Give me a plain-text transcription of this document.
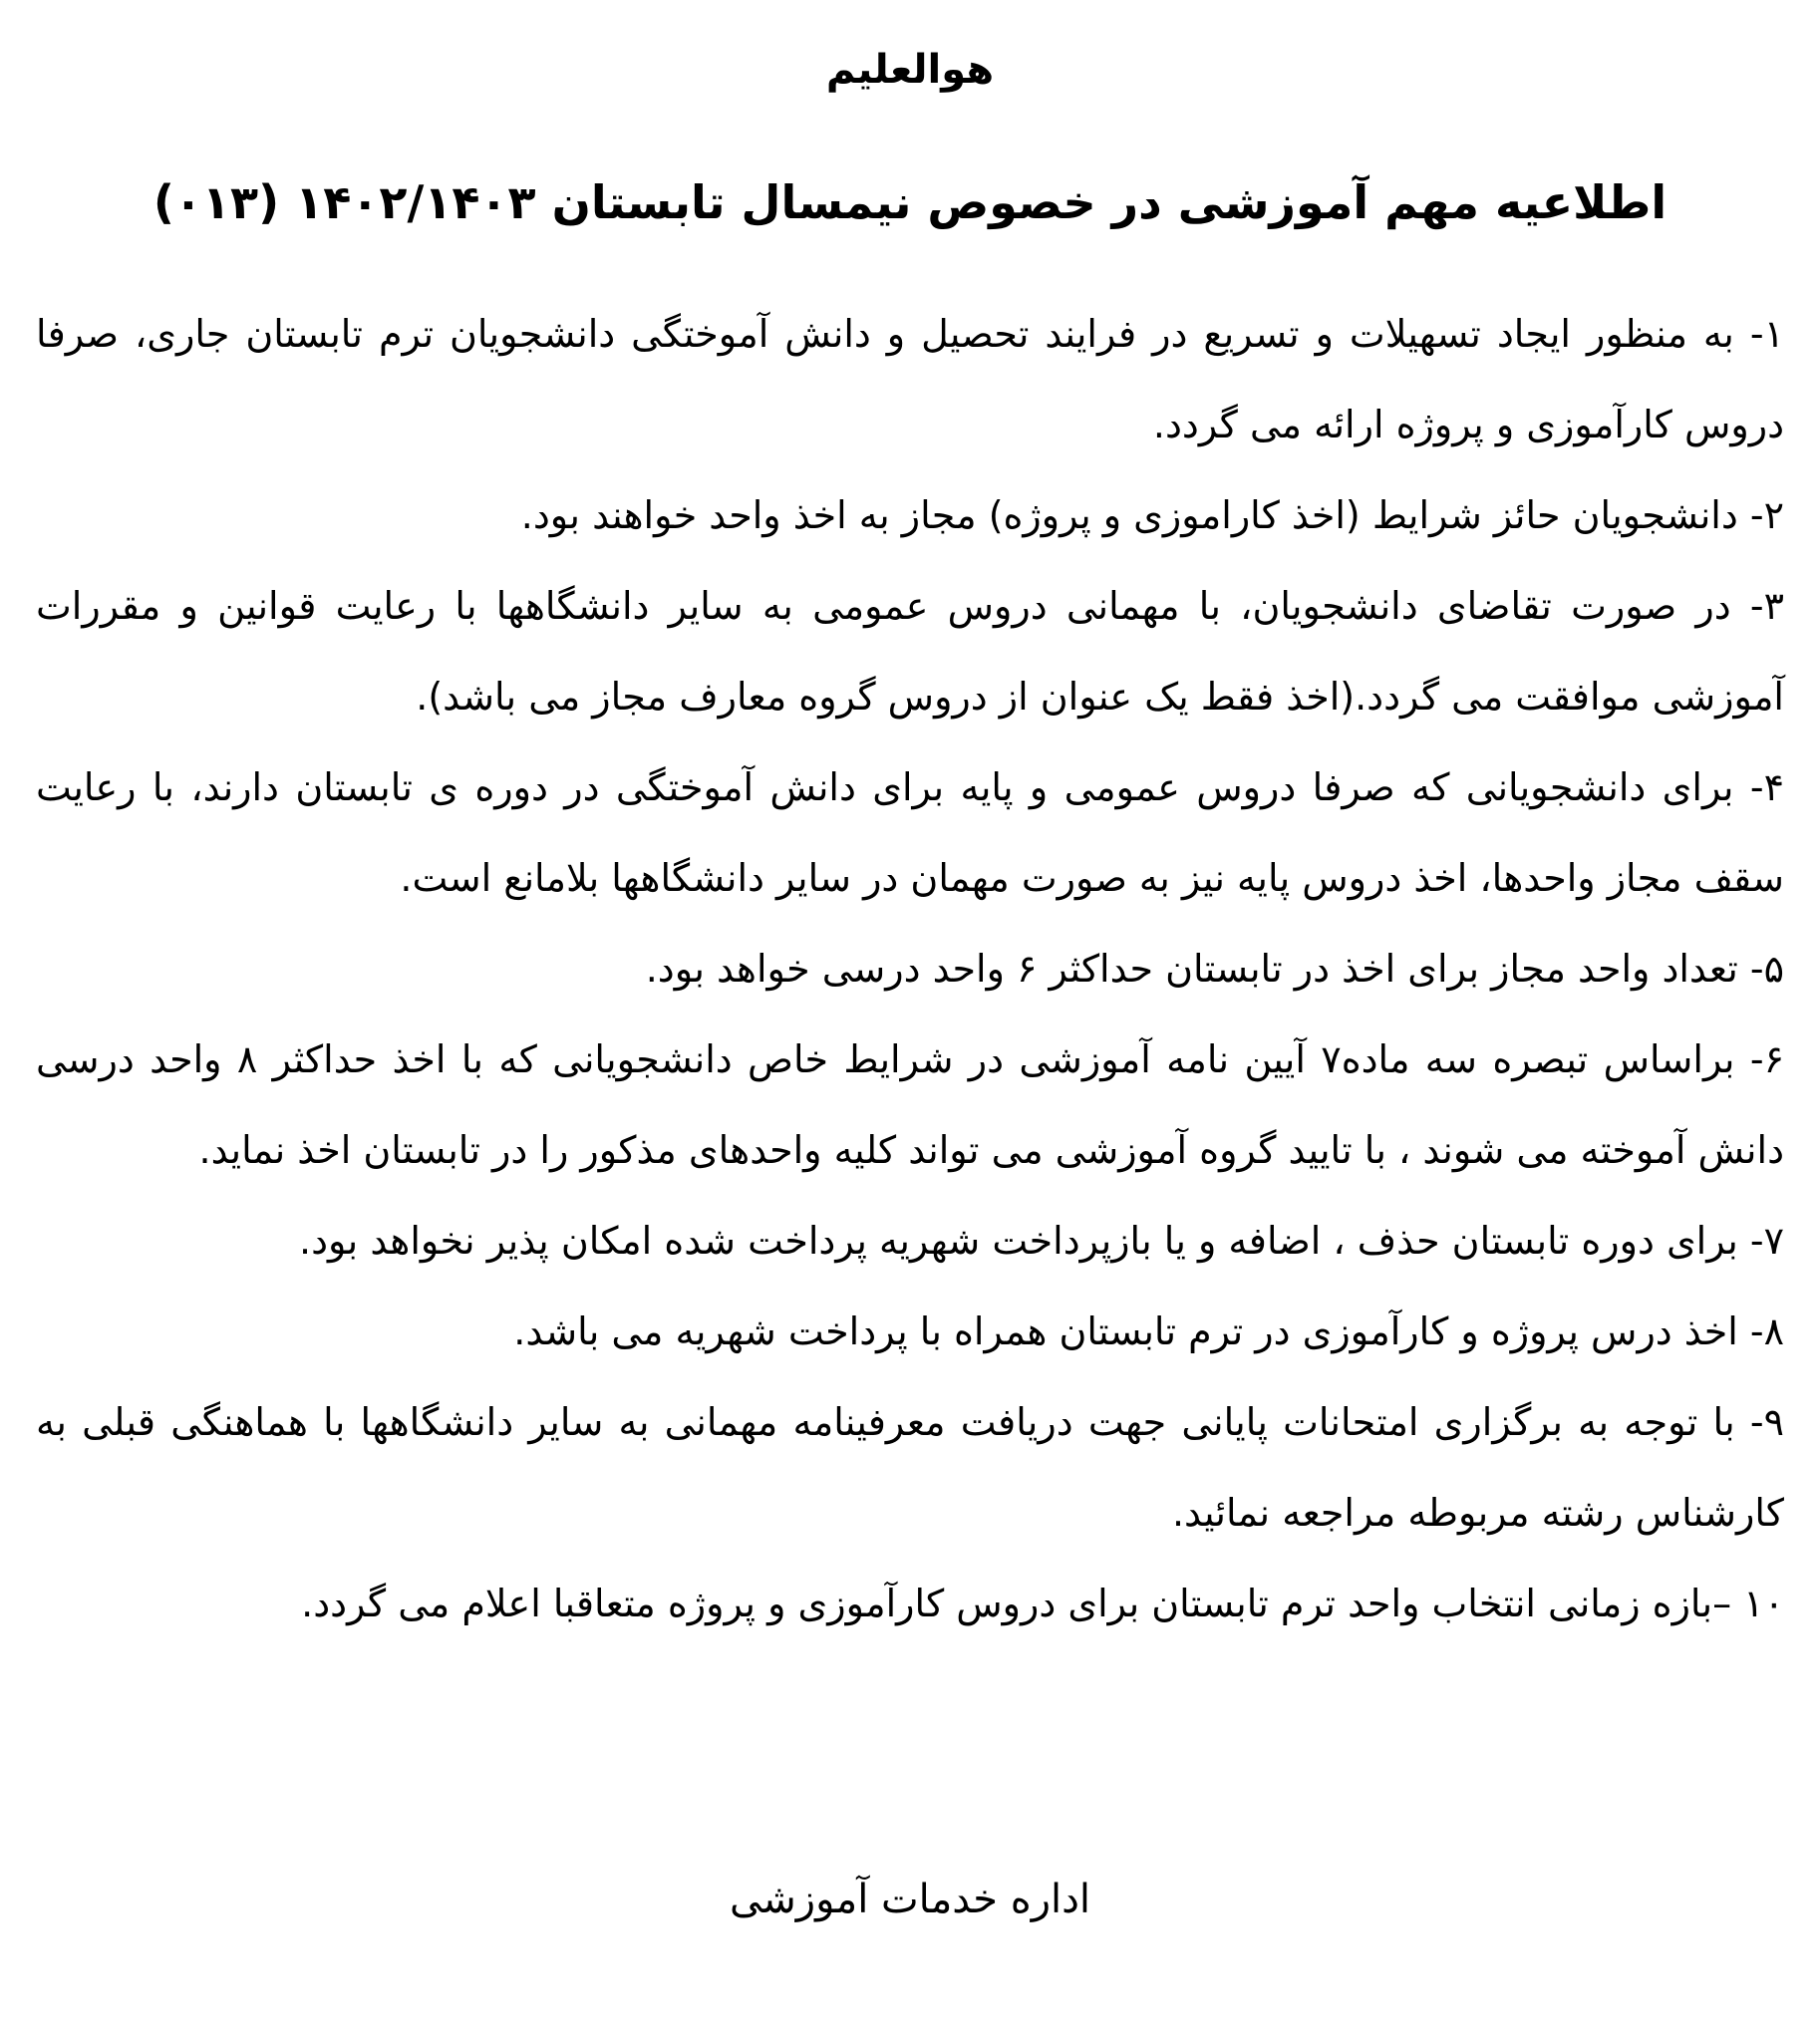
هوالعلیم
اطلاعیه مهم آموزشی در خصوص نیمسال تابستان ۱۴۰۲/۱۴۰۳ (۰۱۳)
۱- به منظور ایجاد تسهیلات و تسریع در فرایند تحصیل و دانش آموختگی دانشجویان ترم تابستان جاری، صرفا دروس کارآموزی و پروژه ارائه می گردد.
۲- دانشجویان حائز شرایط (اخذ کاراموزی و پروژه) مجاز به اخذ واحد خواهند بود.
۳- در صورت تقاضای دانشجویان، با مهمانی دروس عمومی به سایر دانشگاهها با رعایت قوانین و مقررات آموزشی موافقت می گردد.(اخذ فقط یک عنوان از دروس گروه معارف مجاز می باشد).
۴- برای دانشجویانی که صرفا دروس عمومی و پایه برای دانش آموختگی در دوره ی تابستان دارند، با رعایت سقف مجاز واحدها، اخذ دروس پایه نیز به صورت مهمان در سایر دانشگاهها بلامانع است.
۵- تعداد واحد مجاز برای اخذ در تابستان حداکثر ۶ واحد درسی خواهد بود.
۶- براساس تبصره سه ماده۷ آیین نامه آموزشی در شرایط خاص دانشجویانی که با اخذ حداکثر ۸ واحد درسی دانش آموخته می شوند ، با تایید گروه آموزشی می تواند کلیه واحدهای مذکور را در تابستان اخذ نماید.
۷- برای دوره تابستان حذف ، اضافه و یا بازپرداخت شهریه پرداخت شده امکان پذیر نخواهد بود.
۸- اخذ درس پروژه و کارآموزی در ترم تابستان همراه با پرداخت شهریه می باشد.
۹- با توجه به برگزاری امتحانات پایانی جهت دریافت معرفینامه مهمانی به سایر دانشگاهها با هماهنگی قبلی به کارشناس رشته مربوطه مراجعه نمائید.
۱۰ –بازه زمانی انتخاب واحد ترم تابستان برای دروس کارآموزی و پروژه متعاقبا اعلام می گردد.
اداره خدمات آموزشی
